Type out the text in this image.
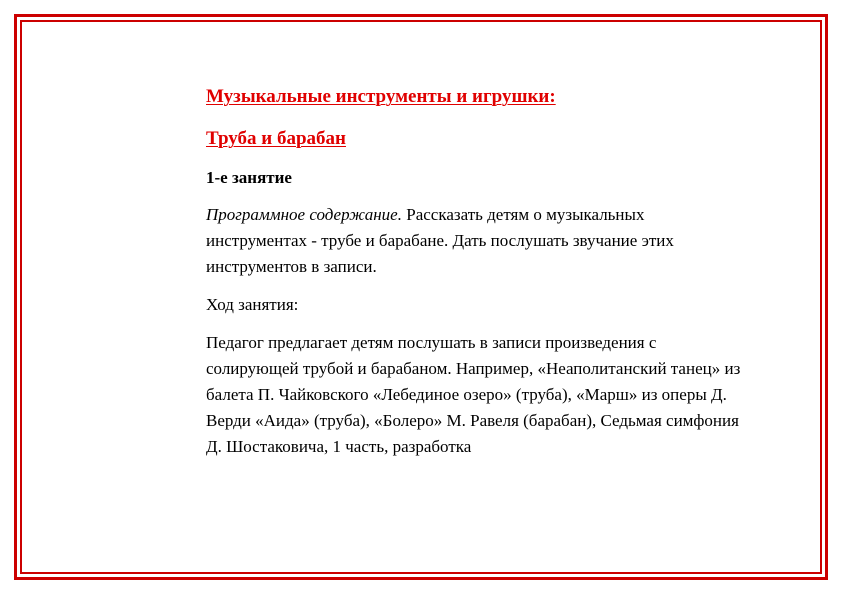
Музыкальные инструменты и игрушки:

Труба и барабан

1-е занятие

Программное содержание. Рассказать детям о музыкальных инструментах - трубе и барабане. Дать послушать звучание этих инструментов в записи.

Ход занятия:

Педагог предлагает детям послушать в записи произведения с солирующей трубой и барабаном. Например, «Неаполитанский танец» из балета П. Чайковского «Лебединое озеро» (труба), «Марш» из оперы Д. Верди «Аида» (труба), «Болеро» М. Равеля (барабан), Седьмая симфония Д. Шостаковича, 1 часть, разработка
